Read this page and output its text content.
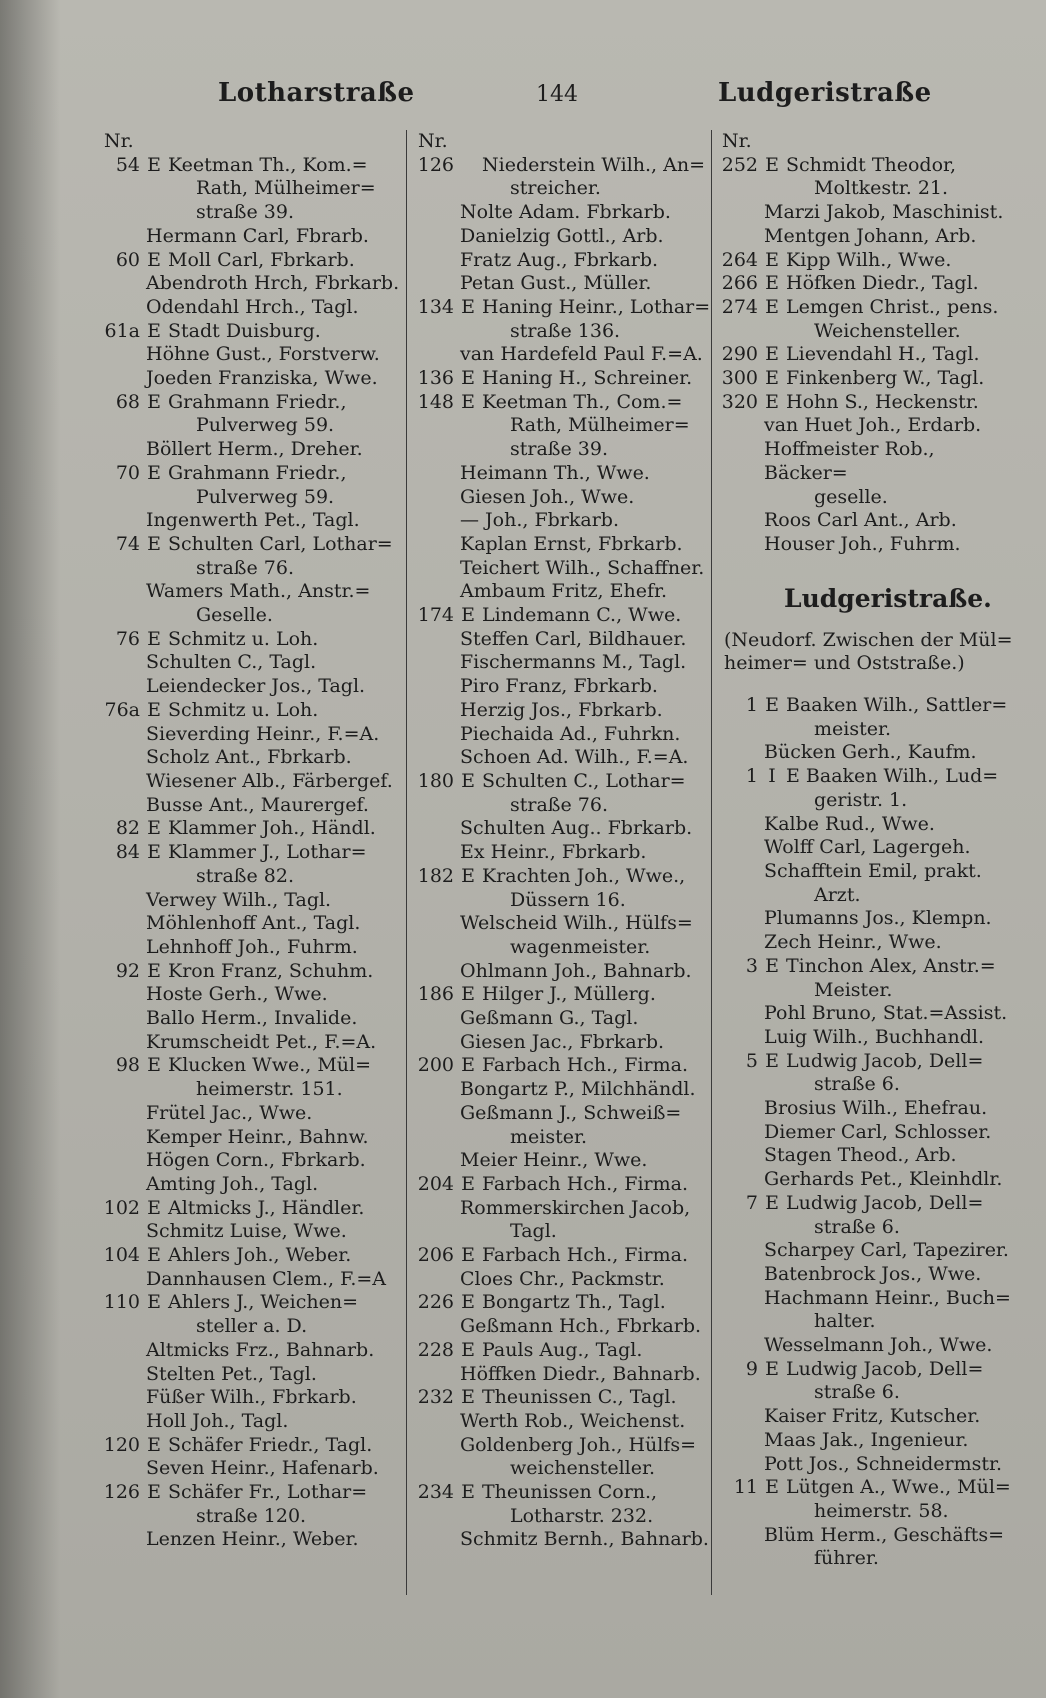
Lotharstraße	144	Ludgeristraße
Nr.
54 E Keetman Th., Kom.=
Rath, Mülheimer=
straße 39.
Hermann Carl, Fbrarb.
60 E Moll Carl, Fbrkarb.
Abendroth Hrch, Fbrkarb.
Odendahl Hrch., Tagl.
61a E Stadt Duisburg.
Höhne Gust., Forstverw.
Joeden Franziska, Wwe.
68 E Grahmann Friedr.,
Pulverweg 59.
Böllert Herm., Dreher.
70 E Grahmann Friedr.,
Pulverweg 59.
Ingenwerth Pet., Tagl.
74 E Schulten Carl, Lothar=
straße 76.
Wamers Math., Anstr.=
Geselle.
76 E Schmitz u. Loh.
Schulten C., Tagl.
Leiendecker Jos., Tagl.
76a E Schmitz u. Loh.
Sieverding Heinr., F.=A.
Scholz Ant., Fbrkarb.
Wiesener Alb., Färbergef.
Busse Ant., Maurergef.
82 E Klammer Joh., Händl.
84 E Klammer J., Lothar=
straße 82.
Verwey Wilh., Tagl.
Möhlenhoff Ant., Tagl.
Lehnhoff Joh., Fuhrm.
92 E Kron Franz, Schuhm.
Hoste Gerh., Wwe.
Ballo Herm., Invalide.
Krumscheidt Pet., F.=A.
98 E Klucken Wwe., Mül=
heimerstr. 151.
Frütel Jac., Wwe.
Kemper Heinr., Bahnw.
Högen Corn., Fbrkarb.
Amting Joh., Tagl.
102 E Altmicks J., Händler.
Schmitz Luise, Wwe.
104 E Ahlers Joh., Weber.
Dannhausen Clem., F.=A
110 E Ahlers J., Weichen=
steller a. D.
Altmicks Frz., Bahnarb.
Stelten Pet., Tagl.
Füßer Wilh., Fbrkarb.
Holl Joh., Tagl.
120 E Schäfer Friedr., Tagl.
Seven Heinr., Hafenarb.
126 E Schäfer Fr., Lothar=
straße 120.
Lenzen Heinr., Weber.
Nr.
126 Niederstein Wilh., An=
streicher.
Nolte Adam. Fbrkarb.
Danielzig Gottl., Arb.
Fratz Aug., Fbrkarb.
Petan Gust., Müller.
134 E Haning Heinr., Lothar=
straße 136.
van Hardefeld Paul F.=A.
136 E Haning H., Schreiner.
148 E Keetman Th., Com.=
Rath, Mülheimer=
straße 39.
Heimann Th., Wwe.
Giesen Joh., Wwe.
— Joh., Fbrkarb.
Kaplan Ernst, Fbrkarb.
Teichert Wilh., Schaffner.
Ambaum Fritz, Ehefr.
174 E Lindemann C., Wwe.
Steffen Carl, Bildhauer.
Fischermanns M., Tagl.
Piro Franz, Fbrkarb.
Herzig Jos., Fbrkarb.
Piechaida Ad., Fuhrkn.
Schoen Ad. Wilh., F.=A.
180 E Schulten C., Lothar=
straße 76.
Schulten Aug.. Fbrkarb.
Ex Heinr., Fbrkarb.
182 E Krachten Joh., Wwe.,
Düssern 16.
Welscheid Wilh., Hülfs=
wagenmeister.
Ohlmann Joh., Bahnarb.
186 E Hilger J., Müllerg.
Geßmann G., Tagl.
Giesen Jac., Fbrkarb.
200 E Farbach Hch., Firma.
Bongartz P., Milchhändl.
Geßmann J., Schweiß=
meister.
Meier Heinr., Wwe.
204 E Farbach Hch., Firma.
Rommerskirchen Jacob,
Tagl.
206 E Farbach Hch., Firma.
Cloes Chr., Packmstr.
226 E Bongartz Th., Tagl.
Geßmann Hch., Fbrkarb.
228 E Pauls Aug., Tagl.
Höffken Diedr., Bahnarb.
232 E Theunissen C., Tagl.
Werth Rob., Weichenst.
Goldenberg Joh., Hülfs=
weichensteller.
234 E Theunissen Corn.,
Lotharstr. 232.
Schmitz Bernh., Bahnarb.
Nr.
252 E Schmidt Theodor,
Moltkestr. 21.
Marzi Jakob, Maschinist.
Mentgen Johann, Arb.
264 E Kipp Wilh., Wwe.
266 E Höfken Diedr., Tagl.
274 E Lemgen Christ., pens.
Weichensteller.
290 E Lievendahl H., Tagl.
300 E Finkenberg W., Tagl.
320 E Hohn S., Heckenstr.
van Huet Joh., Erdarb.
Hoffmeister Rob., Bäcker=
geselle.
Roos Carl Ant., Arb.
Houser Joh., Fuhrm.
Ludgeristraße.
(Neudorf. Zwischen der Mül=
heimer= und Oststraße.)
1 E Baaken Wilh., Sattler=
meister.
Bücken Gerh., Kaufm.
1 I E Baaken Wilh., Lud=
geristr. 1.
Kalbe Rud., Wwe.
Wolff Carl, Lagergeh.
Schafftein Emil, prakt.
Arzt.
Plumanns Jos., Klempn.
Zech Heinr., Wwe.
3 E Tinchon Alex, Anstr.=
Meister.
Pohl Bruno, Stat.=Assist.
Luig Wilh., Buchhandl.
5 E Ludwig Jacob, Dell=
straße 6.
Brosius Wilh., Ehefrau.
Diemer Carl, Schlosser.
Stagen Theod., Arb.
Gerhards Pet., Kleinhdlr.
7 E Ludwig Jacob, Dell=
straße 6.
Scharpey Carl, Tapezirer.
Batenbrock Jos., Wwe.
Hachmann Heinr., Buch=
halter.
Wesselmann Joh., Wwe.
9 E Ludwig Jacob, Dell=
straße 6.
Kaiser Fritz, Kutscher.
Maas Jak., Ingenieur.
Pott Jos., Schneidermstr.
11 E Lütgen A., Wwe., Mül=
heimerstr. 58.
Blüm Herm., Geschäfts=
führer.
